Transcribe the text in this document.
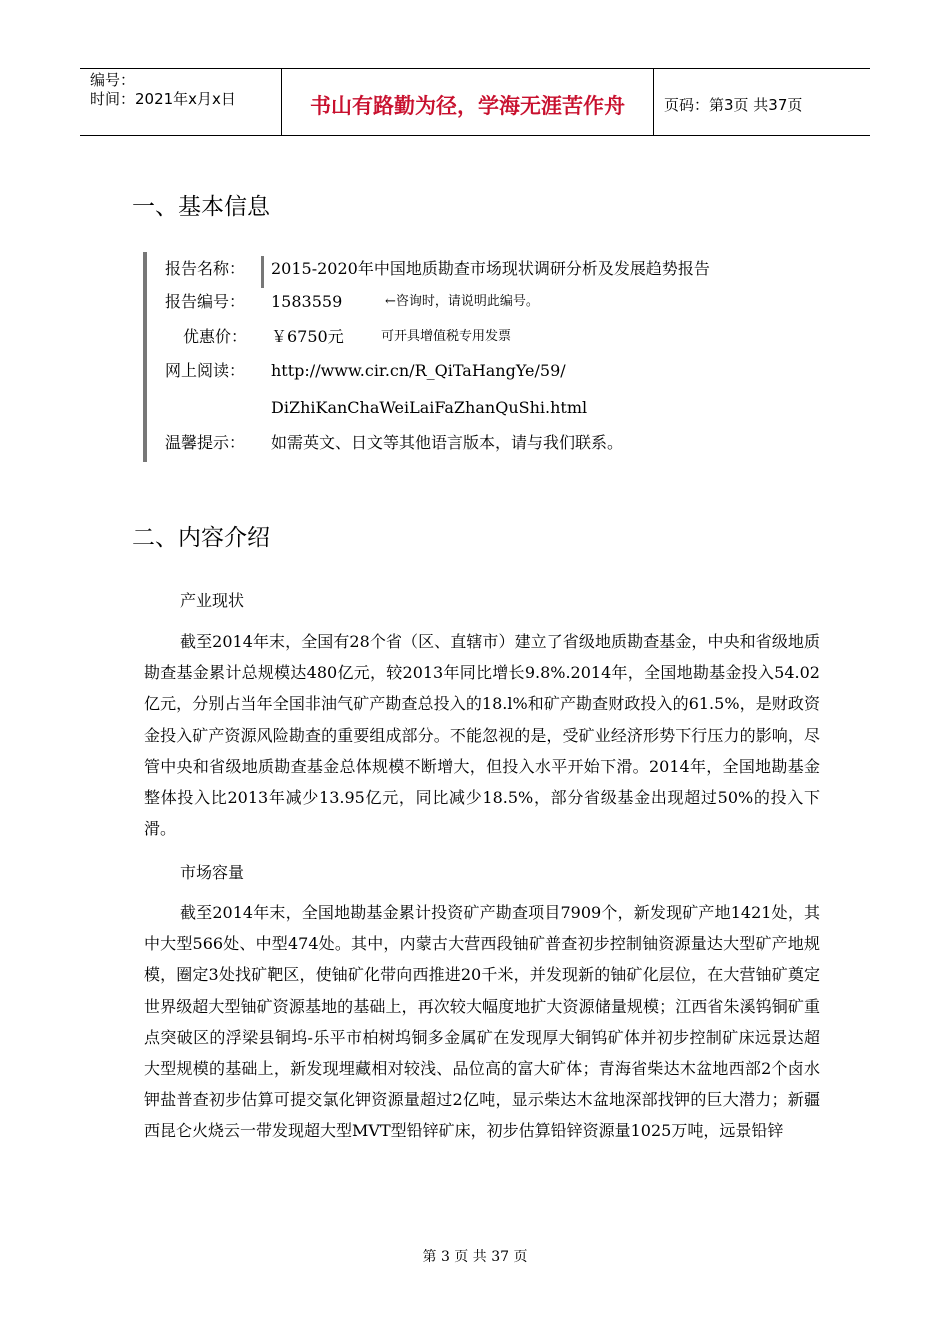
编号：
时间：2021年x月x日	书山有路勤为径，学海无涯苦作舟	页码：第3页 共37页
一、基本信息
报告名称：	2015-2020年中国地质勘查市场现状调研分析及发展趋势报告
报告编号：	1583559	←咨询时，请说明此编号。
优惠价： ￥6750元	可开具增值税专用发票
网上阅读：	http://www.cir.cn/R_QiTaHangYe/59/
DiZhiKanChaWeiLaiFaZhanQuShi.html
温馨提示：	如需英文、日文等其他语言版本，请与我们联系。
二、内容介绍
产业现状

截至2014年末，全国有28个省（区、直辖市）建立了省级地质勘查基金，中央和省级地质勘查基金累计总规模达480亿元，较2013年同比增长9.8%.2014年，全国地勘基金投入54.02亿元，分别占当年全国非油气矿产勘查总投入的18.l%和矿产勘查财政投入的61.5%，是财政资金投入矿产资源风险勘查的重要组成部分。不能忽视的是，受矿业经济形势下行压力的影响，尽管中央和省级地质勘查基金总体规模不断增大，但投入水平开始下滑。2014年，全国地勘基金整体投入比2013年减少13.95亿元，同比减少18.5%，部分省级基金出现超过50%的投入下滑。

市场容量

截至2014年末，全国地勘基金累计投资矿产勘查项目7909个，新发现矿产地1421处，其中大型566处、中型474处。其中，内蒙古大营西段铀矿普查初步控制铀资源量达大型矿产地规模，圈定3处找矿靶区，使铀矿化带向西推进20千米，并发现新的铀矿化层位，在大营铀矿奠定世界级超大型铀矿资源基地的基础上，再次较大幅度地扩大资源储量规模；江西省朱溪钨铜矿重点突破区的浮梁县铜坞-乐平市柏树坞铜多金属矿在发现厚大铜钨矿体并初步控制矿床远景达超大型规模的基础上，新发现埋藏相对较浅、品位高的富大矿体；青海省柴达木盆地西部2个卤水钾盐普查初步估算可提交氯化钾资源量超过2亿吨，显示柴达木盆地深部找钾的巨大潜力；新疆西昆仑火烧云一带发现超大型MVT型铅锌矿床，初步估算铅锌资源量1025万吨，远景铅锌

第 3 页 共 37 页
